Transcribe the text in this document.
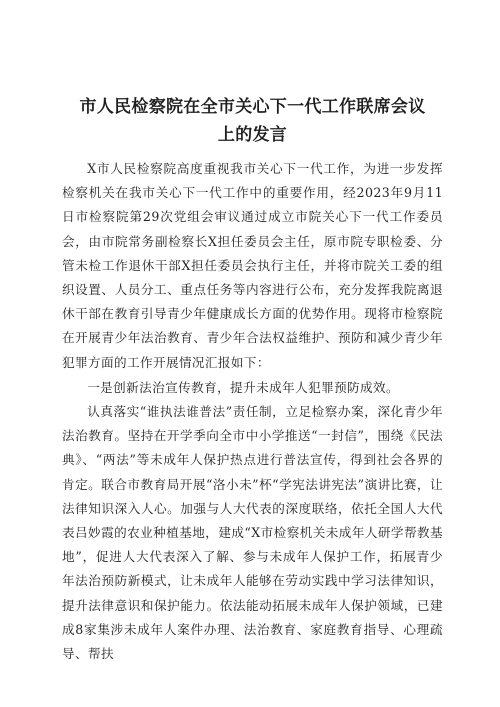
市人民检察院在全市关心下一代工作联席会议
上的发言

X市人民检察院高度重视我市关心下一代工作，为进一步发挥检察机关在我市关心下一代工作中的重要作用，经2023年9月11日市检察院第29次党组会审议通过成立市院关心下一代工作委员会，由市院常务副检察长X担任委员会主任，原市院专职检委、分管未检工作退休干部X担任委员会执行主任，并将市院关工委的组织设置、人员分工、重点任务等内容进行公布，充分发挥我院离退休干部在教育引导青少年健康成长方面的优势作用。现将市检察院在开展青少年法治教育、青少年合法权益维护、预防和减少青少年犯罪方面的工作开展情况汇报如下：

一是创新法治宣传教育，提升未成年人犯罪预防成效。

认真落实“谁执法谁普法”责任制，立足检察办案，深化青少年法治教育。坚持在开学季向全市中小学推送“一封信”，围绕《民法典》、“两法”等未成年人保护热点进行普法宣传，得到社会各界的肯定。联合市教育局开展“洛小未”杯“学宪法讲宪法”演讲比赛，让法律知识深入人心。加强与人大代表的深度联络，依托全国人大代表吕妙霞的农业种植基地，建成“X市检察机关未成年人研学帮教基地”，促进人大代表深入了解、参与未成年人保护工作，拓展青少年法治预防新模式，让未成年人能够在劳动实践中学习法律知识，提升法律意识和保护能力。依法能动拓展未成年人保护领域，已建成8家集涉未成年人案件办理、法治教育、家庭教育指导、心理疏导、帮扶
